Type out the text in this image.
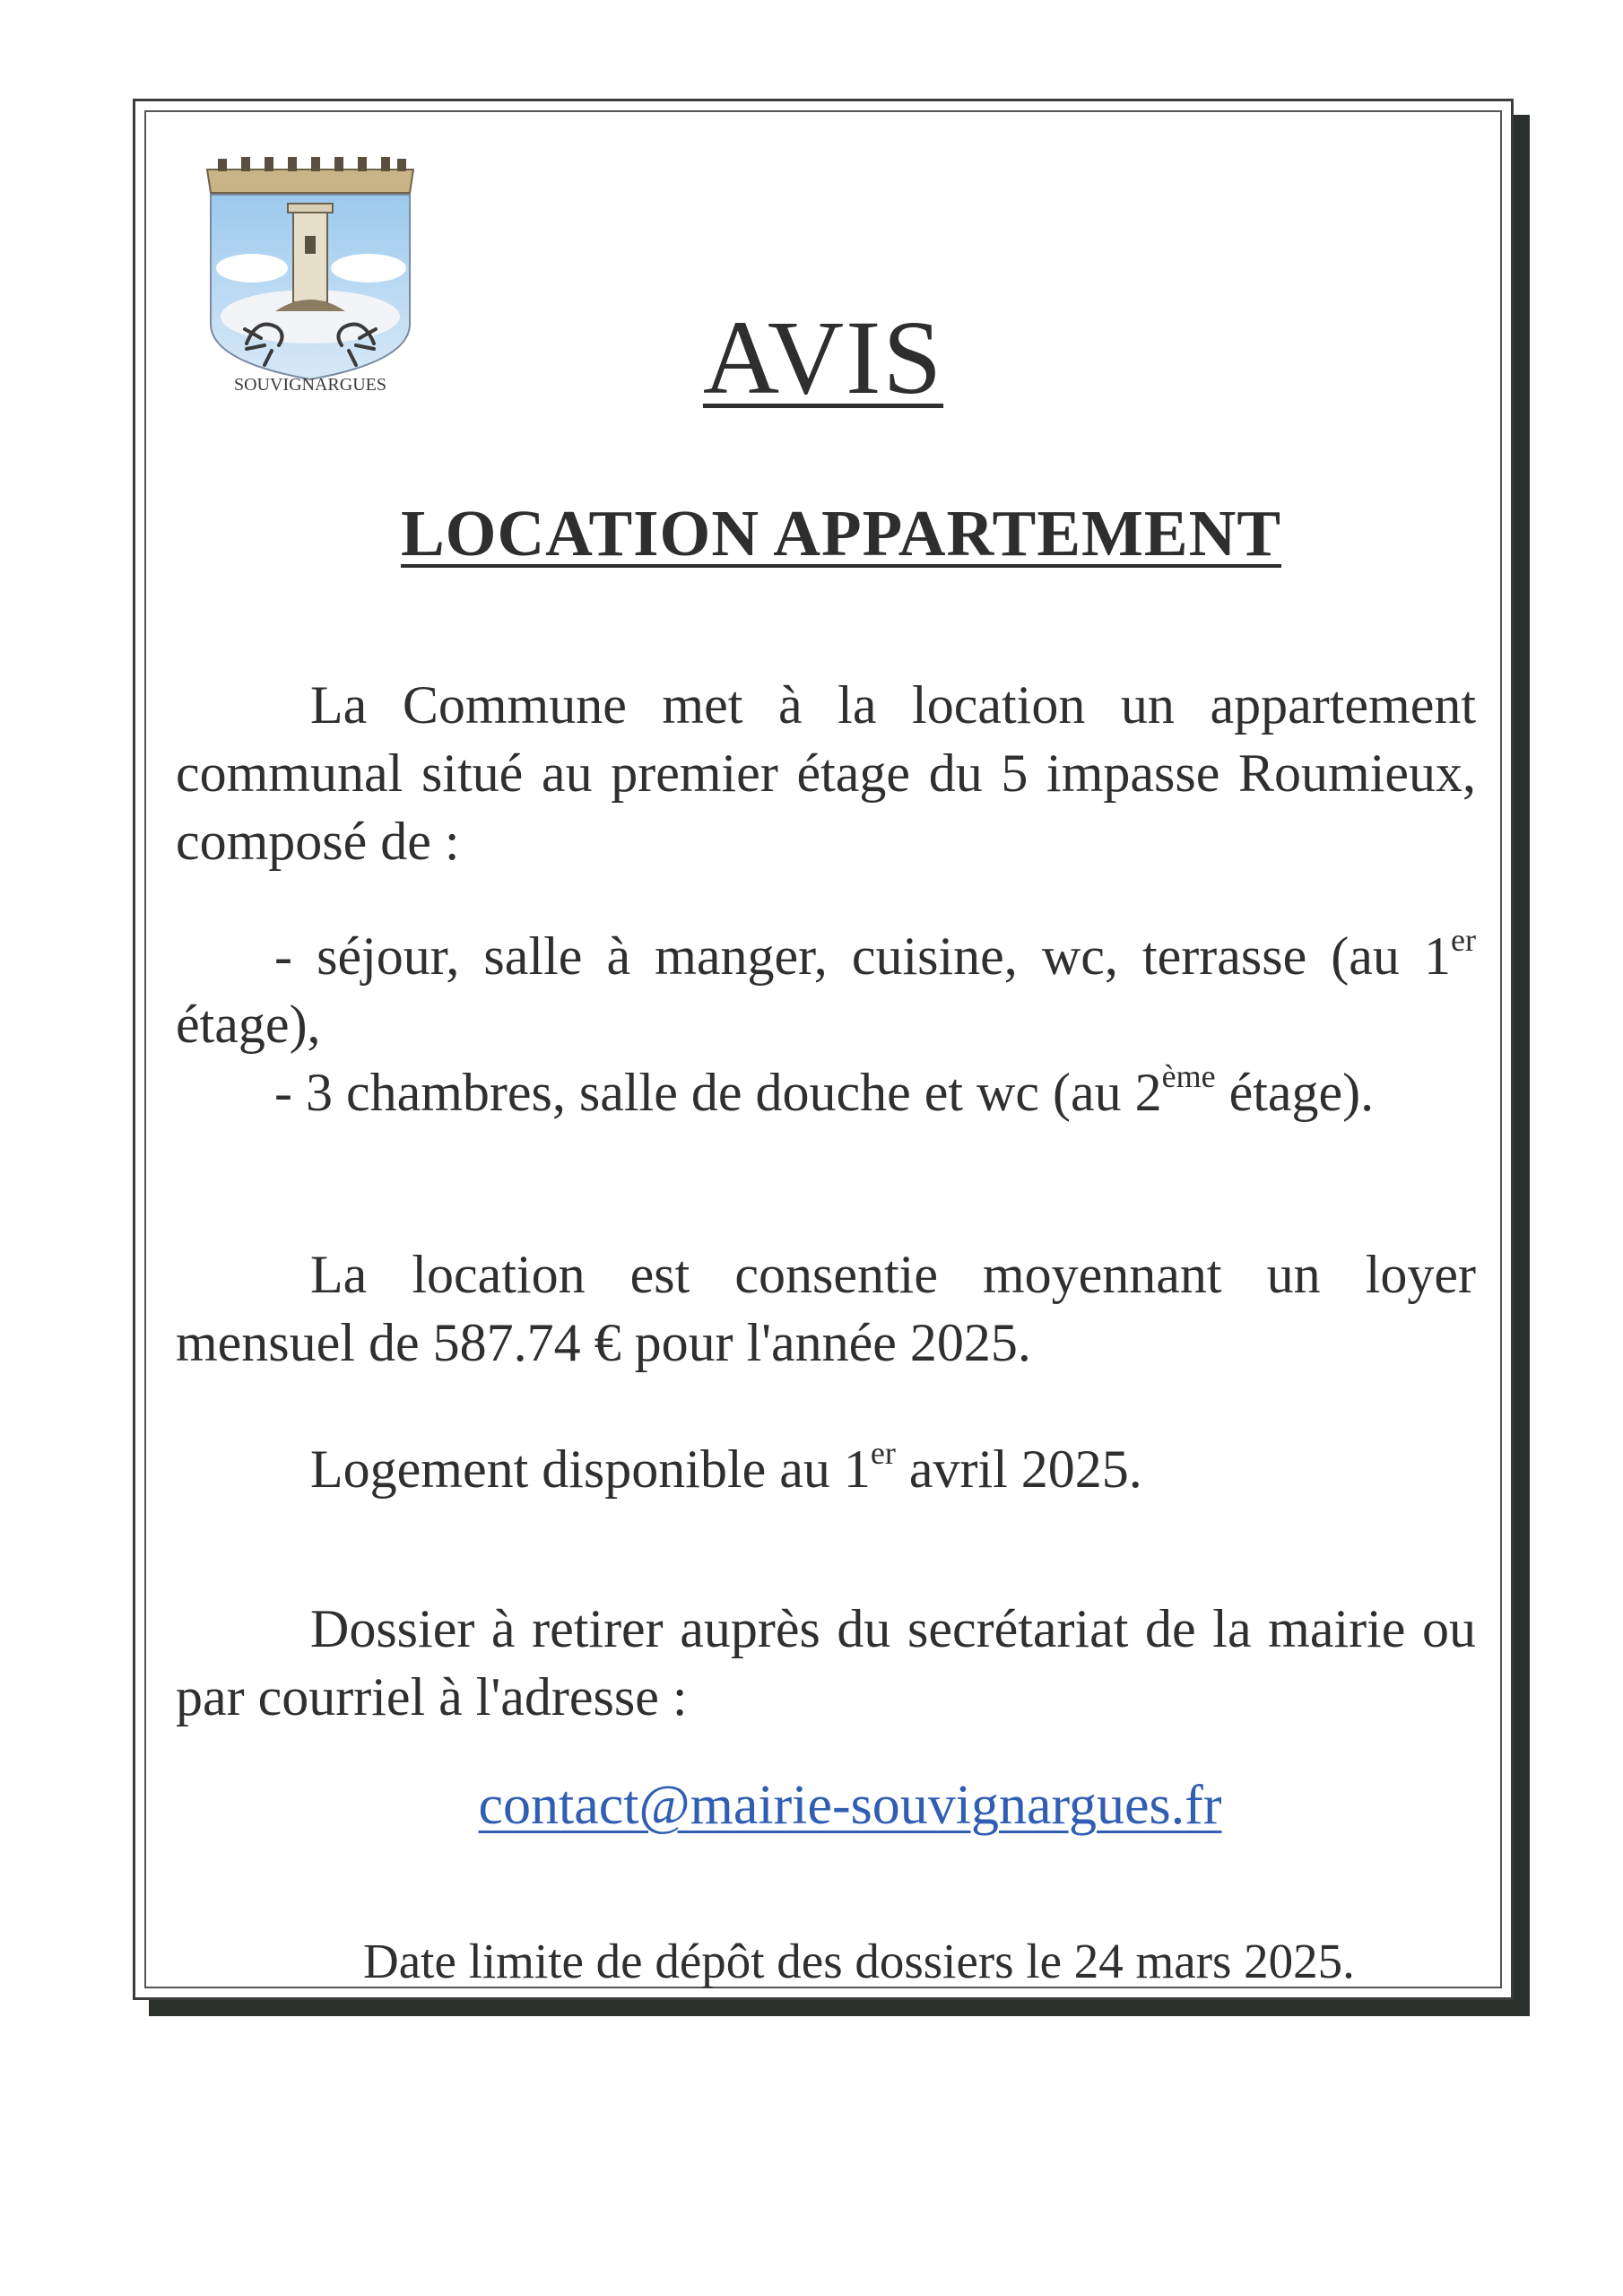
SOUVIGNARGUES	AVIS
LOCATION APPARTEMENT

La Commune met à la location un appartement communal situé au premier étage du 5 impasse Roumieux, composé de :

- séjour, salle à manger, cuisine, wc, terrasse (au 1er étage),
- 3 chambres, salle de douche et wc (au 2ème étage).

La location est consentie moyennant un loyer mensuel de 587.74 € pour l'année 2025.

Logement disponible au 1er avril 2025.

Dossier à retirer auprès du secrétariat de la mairie ou par courriel à l'adresse :

contact@mairie-souvignargues.fr

Date limite de dépôt des dossiers le 24 mars 2025.
